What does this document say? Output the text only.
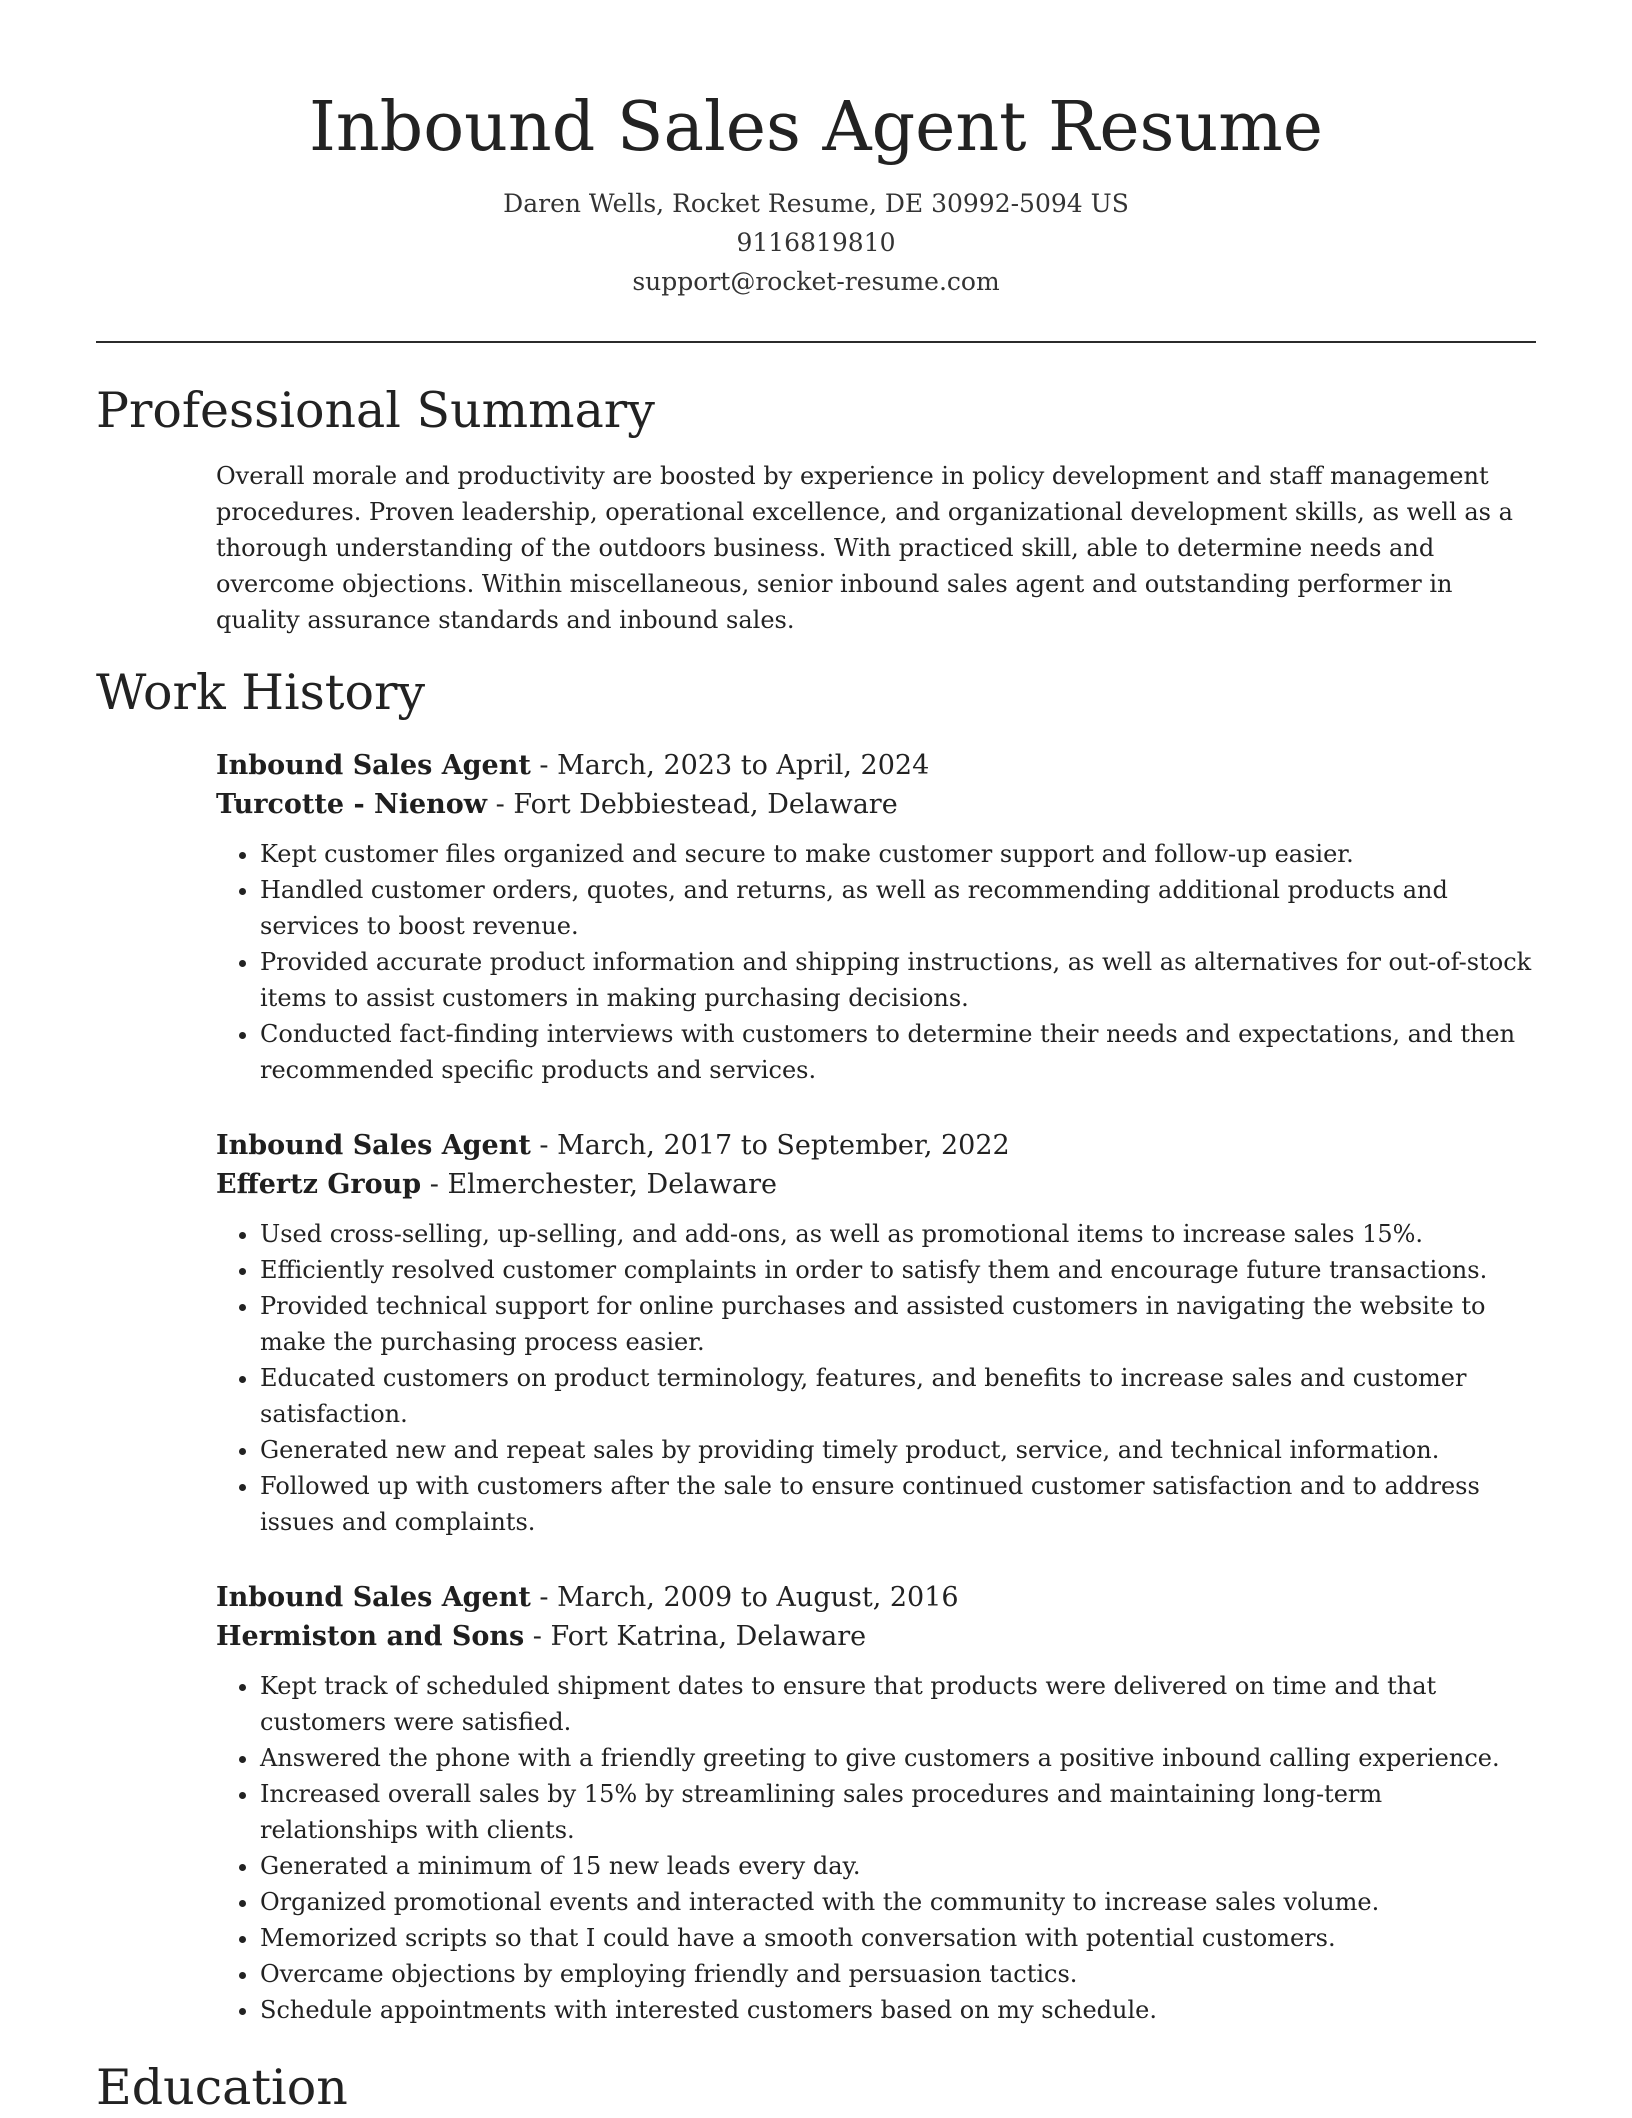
Inbound Sales Agent Resume
Daren Wells, Rocket Resume, DE 30992-5094 US
9116819810
support@rocket-resume.com
Professional Summary

Overall morale and productivity are boosted by experience in policy development and staff management procedures. Proven leadership, operational excellence, and organizational development skills, as well as a thorough understanding of the outdoors business. With practiced skill, able to determine needs and overcome objections. Within miscellaneous, senior inbound sales agent and outstanding performer in quality assurance standards and inbound sales.

Work History
Inbound Sales Agent - March, 2023 to April, 2024
Turcotte - Nienow - Fort Debbiestead, Delaware
• Kept customer files organized and secure to make customer support and follow-up easier.
• Handled customer orders, quotes, and returns, as well as recommending additional products and services to boost revenue.
• Provided accurate product information and shipping instructions, as well as alternatives for out-of-stock items to assist customers in making purchasing decisions.
• Conducted fact-finding interviews with customers to determine their needs and expectations, and then recommended specific products and services.
Inbound Sales Agent - March, 2017 to September, 2022
Effertz Group - Elmerchester, Delaware
• Used cross-selling, up-selling, and add-ons, as well as promotional items to increase sales 15%.
• Efficiently resolved customer complaints in order to satisfy them and encourage future transactions.
• Provided technical support for online purchases and assisted customers in navigating the website to make the purchasing process easier.
• Educated customers on product terminology, features, and benefits to increase sales and customer satisfaction.
• Generated new and repeat sales by providing timely product, service, and technical information.
• Followed up with customers after the sale to ensure continued customer satisfaction and to address issues and complaints.
Inbound Sales Agent - March, 2009 to August, 2016
Hermiston and Sons - Fort Katrina, Delaware
• Kept track of scheduled shipment dates to ensure that products were delivered on time and that customers were satisfied.
• Answered the phone with a friendly greeting to give customers a positive inbound calling experience.
• Increased overall sales by 15% by streamlining sales procedures and maintaining long-term relationships with clients.
• Generated a minimum of 15 new leads every day.
• Organized promotional events and interacted with the community to increase sales volume.
• Memorized scripts so that I could have a smooth conversation with potential customers.
• Overcame objections by employing friendly and persuasion tactics.
• Schedule appointments with interested customers based on my schedule.
Education
